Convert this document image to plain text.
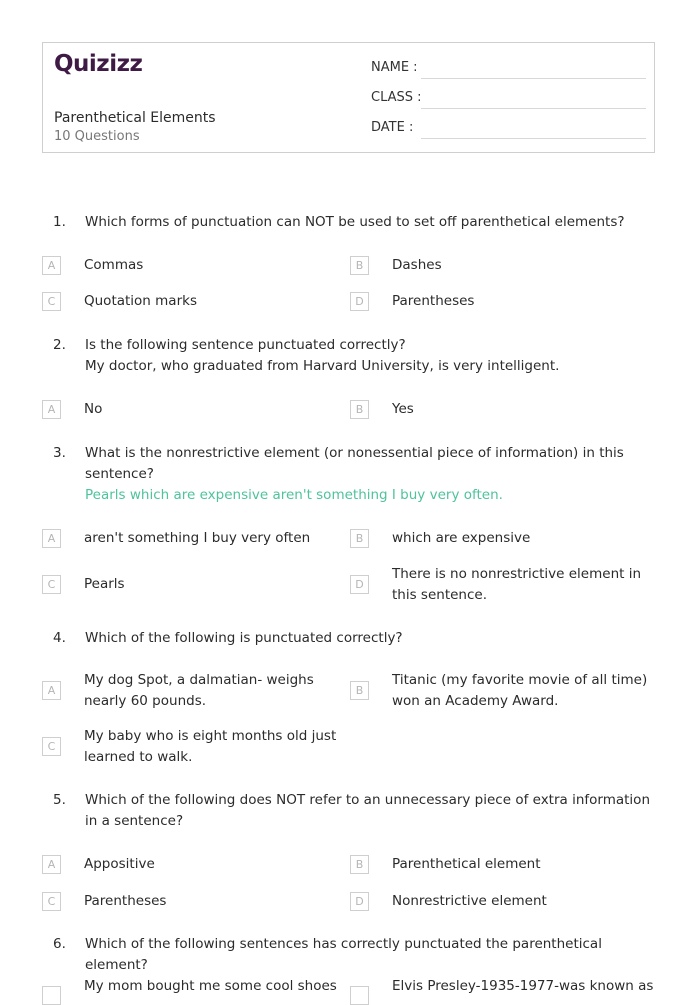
Quizizz
Parenthetical Elements
10 Questions
NAME :
CLASS :
DATE :
1.	Which forms of punctuation can NOT be used to set off parenthetical elements?
A	Commas	B	Dashes
C	Quotation marks	D	Parentheses
2.	Is the following sentence punctuated correctly?
My doctor, who graduated from Harvard University, is very intelligent.
A	No	B	Yes
3.	What is the nonrestrictive element (or nonessential piece of information) in this sentence?
Pearls which are expensive aren't something I buy very often.
A	aren't something I buy very often	B	which are expensive
C	Pearls	D
There is no nonrestrictive element in this sentence.
4.	Which of the following is punctuated correctly?
A
My dog Spot, a dalmatian- weighs nearly 60 pounds.
B
Titanic (my favorite movie of all time) won an Academy Award.
C
My baby who is eight months old just learned to walk.
5.	Which of the following does NOT refer to an unnecessary piece of extra information in a sentence?
A	Appositive	B	Parenthetical element
C	Parentheses	D	Nonrestrictive element
6.	Which of the following sentences has correctly punctuated the parenthetical element?
My mom bought me some cool shoes	Elvis Presley-1935-1977-was known as
